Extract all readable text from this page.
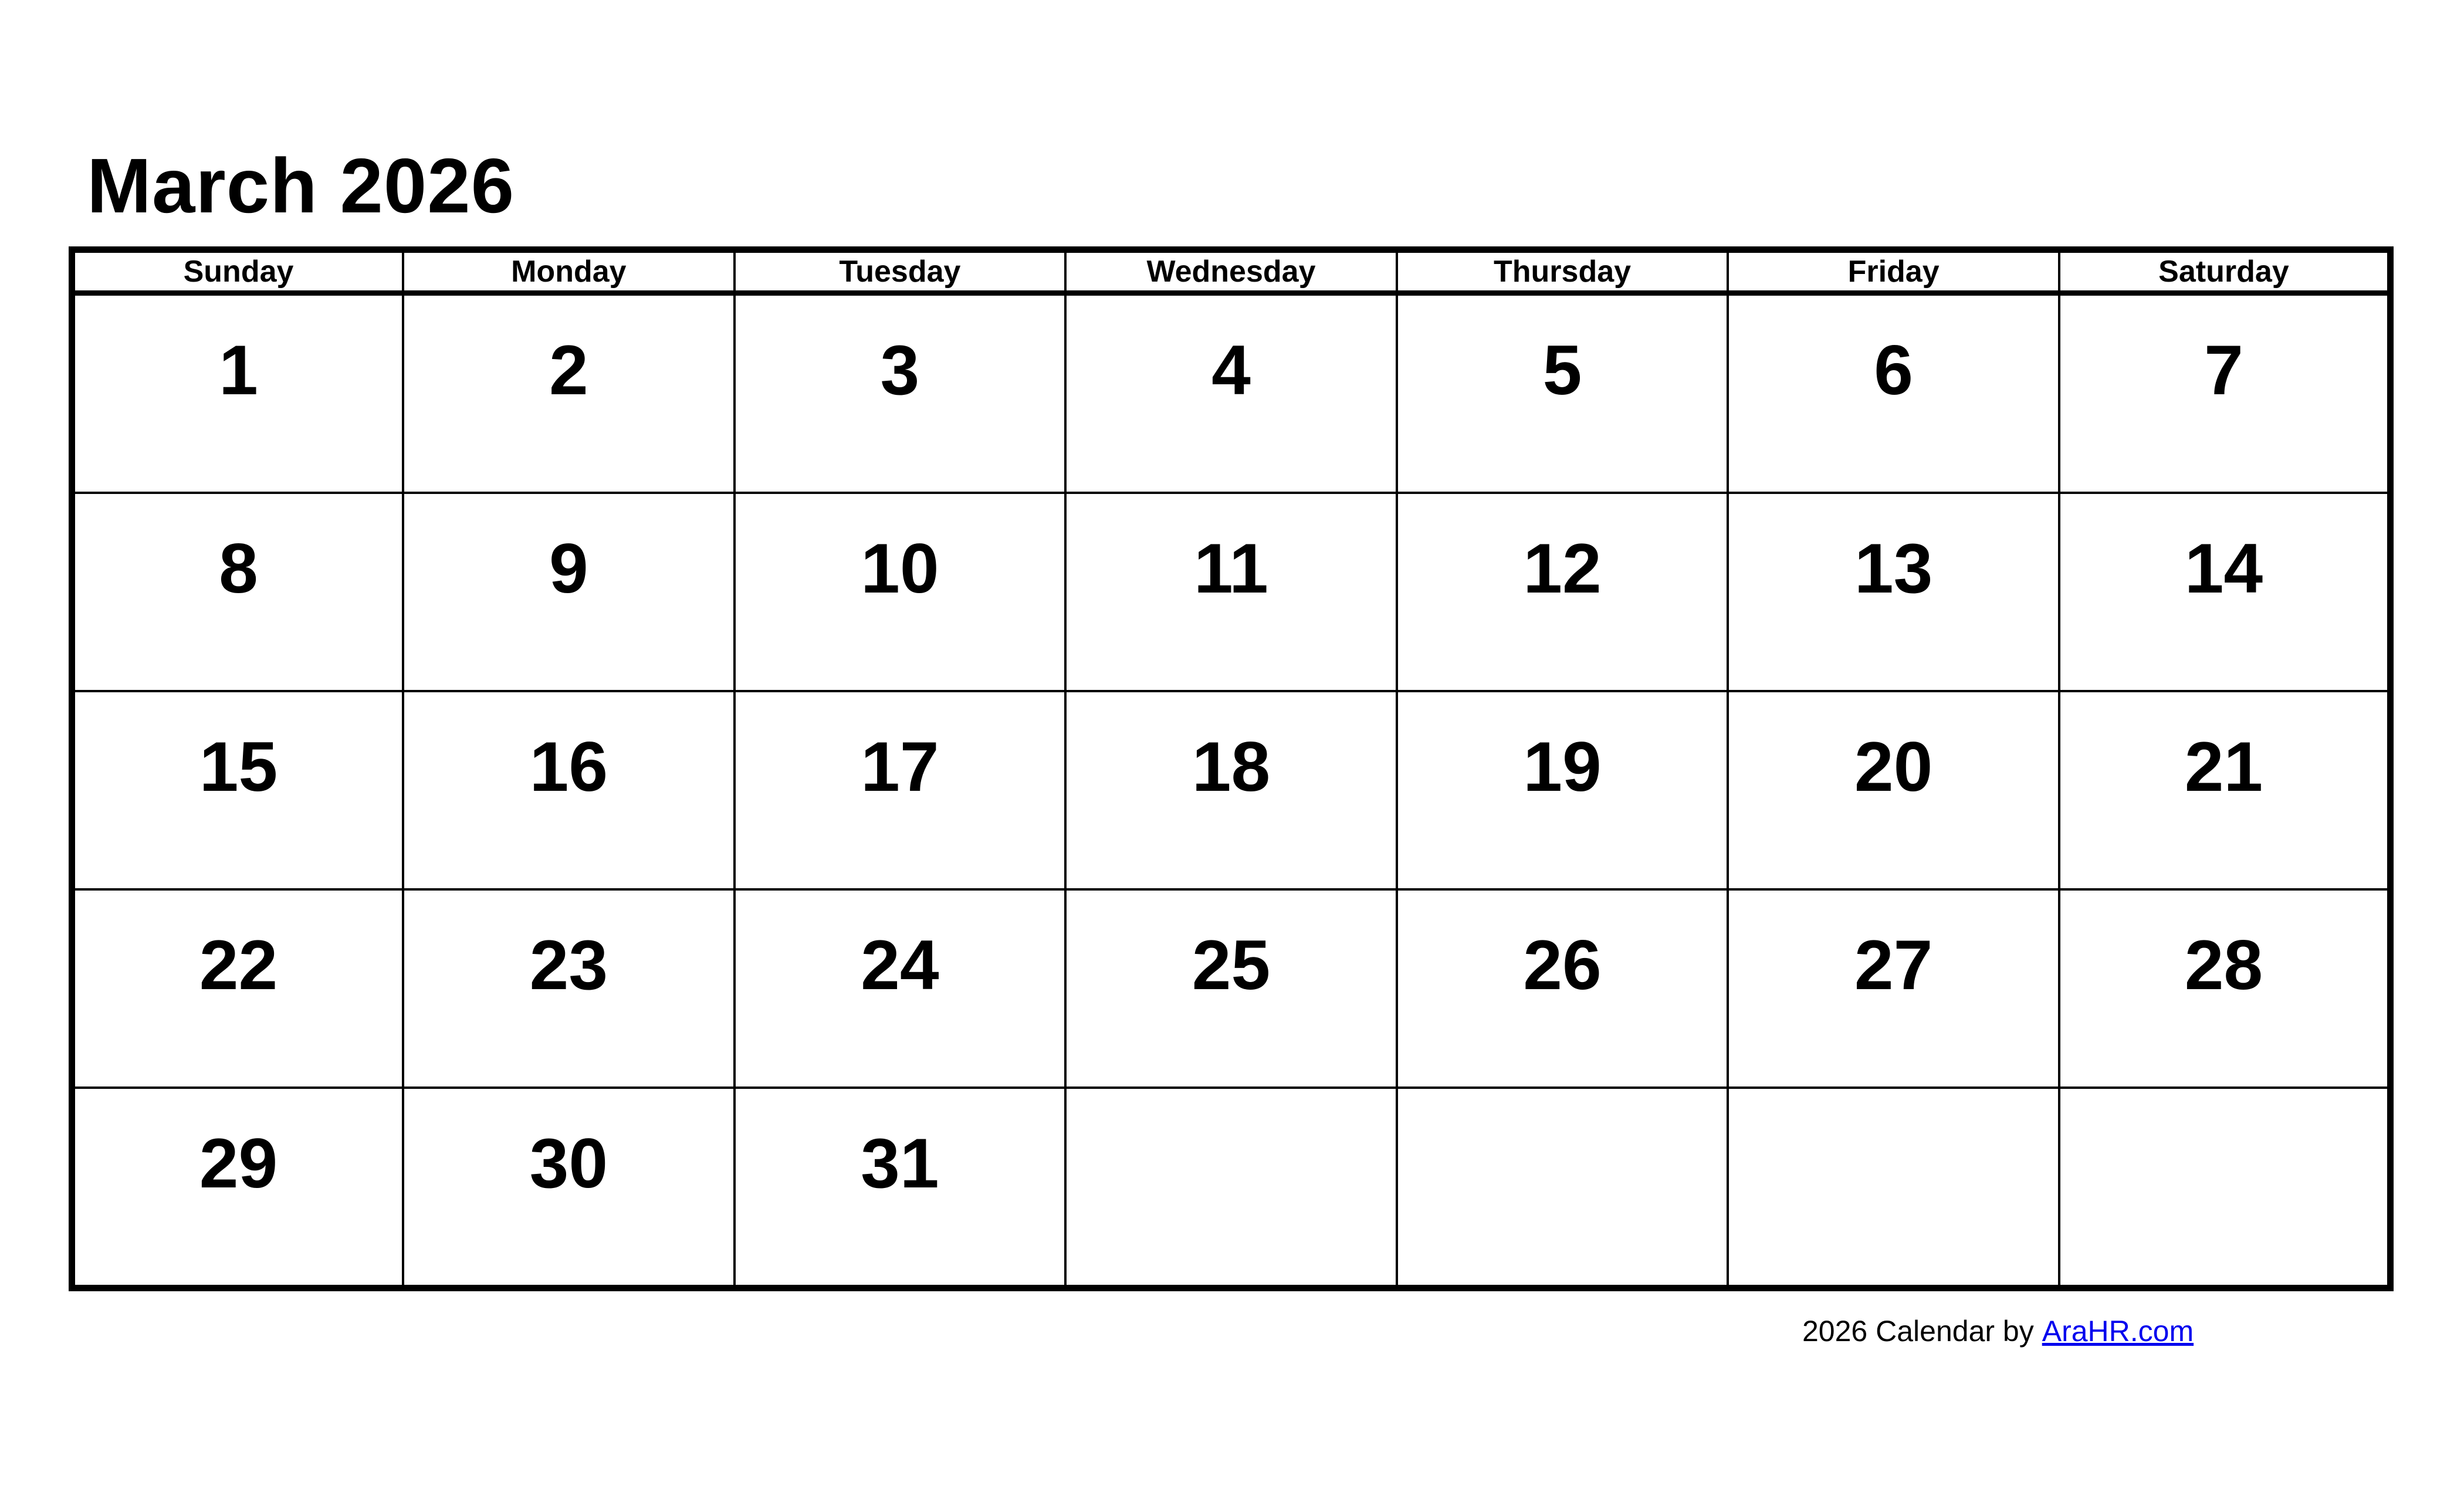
March 2026
Sunday	Monday	Tuesday	Wednesday	Thursday	Friday	Saturday
1	2	3	4	5	6	7
8	9	10	11	12	13	14
15	16	17	18	19	20	21
22	23	24	25	26	27	28
29	30	31				
2026 Calendar by AraHR.com
